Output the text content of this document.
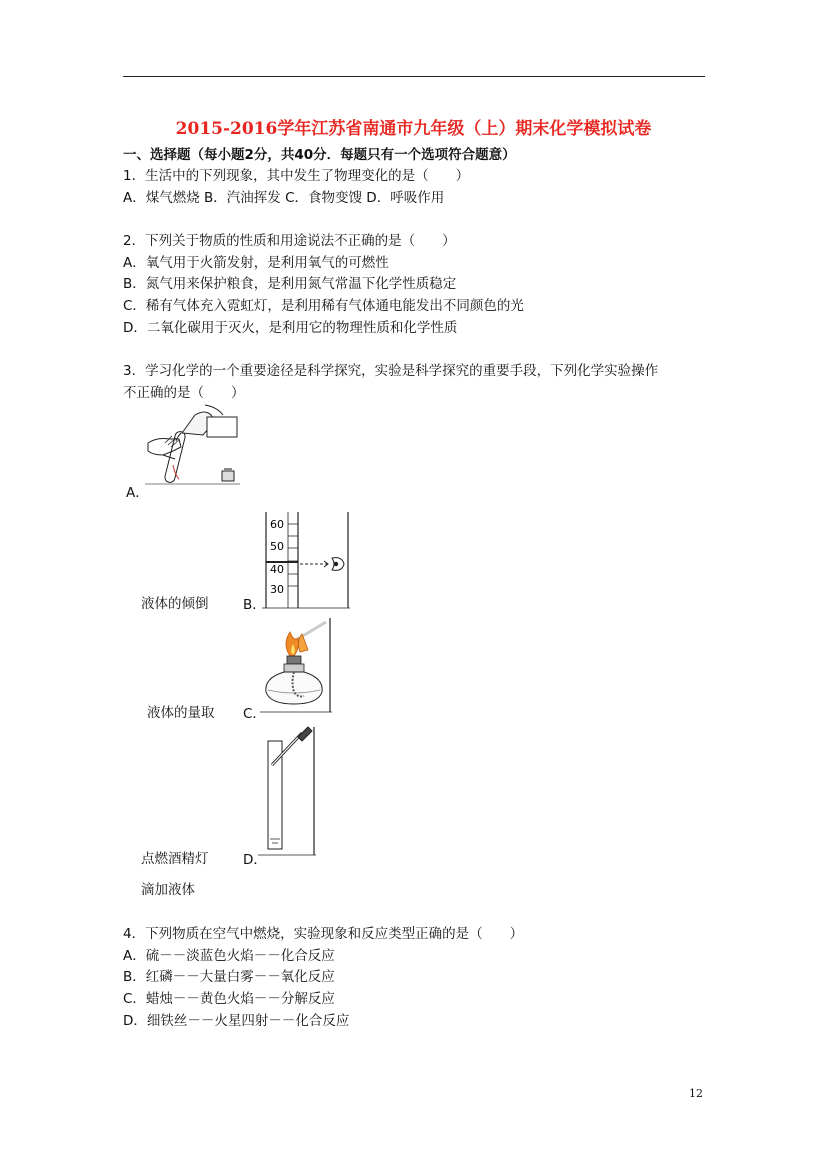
2015-2016学年江苏省南通市九年级（上）期末化学模拟试卷
一、选择题（每小题2分，共40分．每题只有一个选项符合题意）
1．生活中的下列现象，其中发生了物理变化的是（　　）
A．煤气燃烧 B．汽油挥发 C．食物变馊 D．呼吸作用
2．下列关于物质的性质和用途说法不正确的是（　　）
A．氧气用于火箭发射，是利用氧气的可燃性
B．氮气用来保护粮食，是利用氮气常温下化学性质稳定
C．稀有气体充入霓虹灯，是利用稀有气体通电能发出不同颜色的光
D．二氧化碳用于灭火，是利用它的物理性质和化学性质
3．学习化学的一个重要途径是科学探究，实验是科学探究的重要手段，下列化学实验操作
不正确的是（　　）
A．
60
50
40
30
液体的倾倒	B．
液体的量取 C．
点燃酒精灯	D．
滴加液体
4．下列物质在空气中燃烧，实验现象和反应类型正确的是（　　）
A．硫－－淡蓝色火焰－－化合反应
B．红磷－－大量白雾－－氧化反应
C．蜡烛－－黄色火焰－－分解反应
D．细铁丝－－火星四射－－化合反应
12
